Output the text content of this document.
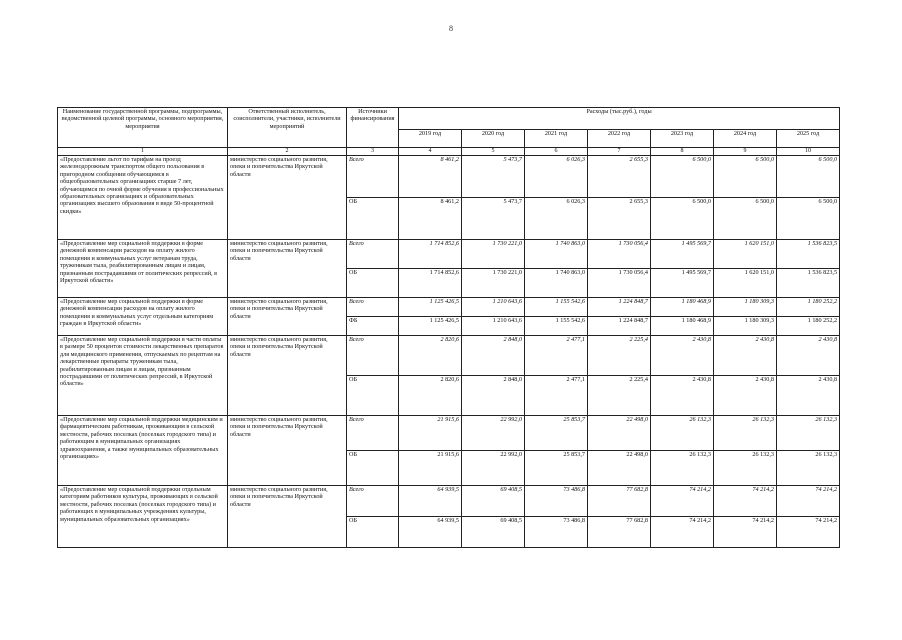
8
Наименование государственной программы, подпрограммы, ведомственной целевой программы, основного мероприятия, мероприятия	Ответственный исполнитель, соисполнители, участники, исполнители мероприятий	Источники финансирования	Расходы (тыс.руб.), годы						
			2019 год	2020 год	2021 год	2022 год	2023 год	2024 год	2025 год
1	2	3	4	5	6	7	8	9	10
«Предоставление льгот по тарифам на проезд железнодорожным транспортом общего пользования в пригородном сообщении обучающимся в общеобразовательных организациях старше 7 лет, обучающимся по очной форме обучения в профессиональных образовательных организациях и образовательных организациях высшего образования в виде 50-процентной скидки»	министерство социального развития, опеки и попечительства Иркутской области	Всего	8 461,2	5 473,7	6 026,3	2 655,3	6 500,0	6 500,0	6 500,0
		ОБ	8 461,2	5 473,7	6 026,3	2 655,3	6 500,0	6 500,0	6 500,0
«Предоставление мер социальной поддержки в форме денежной компенсации расходов на оплату жилого помещения и коммунальных услуг ветеранам труда, труженикам тыла, реабилитированным лицам и лицам, признанным пострадавшими от политических репрессий, в Иркутской области»	министерство социального развития, опеки и попечительства Иркутской области	Всего	1 714 852,6	1 730 221,0	1 740 863,0	1 730 056,4	1 495 569,7	1 620 151,0	1 536 823,5
		ОБ	1 714 852,6	1 730 221,0	1 740 863,0	1 730 056,4	1 495 569,7	1 620 151,0	1 536 823,5
«Предоставление мер социальной поддержки в форме денежной компенсации расходов на оплату жилого помещения и коммунальных услуг отдельным категориям граждан в Иркутской области»	министерство социального развития, опеки и попечительства Иркутской области	Всего	1 125 426,5	1 210 643,6	1 155 542,6	1 224 848,7	1 180 468,9	1 180 309,3	1 180 252,2
		ФБ	1 125 426,5	1 210 643,6	1 155 542,6	1 224 848,7	1 180 468,9	1 180 309,3	1 180 252,2
«Предоставление мер социальной поддержки в части оплаты в размере 50 процентов стоимости лекарственных препаратов для медицинского применения, отпускаемых по рецептам на лекарственные препараты труженикам тыла, реабилитированным лицам и лицам, признанным пострадавшими от политических репрессий, в Иркутской области»	министерство социального развития, опеки и попечительства Иркутской области	Всего	2 820,6	2 848,0	2 477,1	2 225,4	2 430,8	2 430,8	2 430,8
		ОБ	2 820,6	2 848,0	2 477,1	2 225,4	2 430,8	2 430,8	2 430,8
«Предоставление мер социальной поддержки медицинским и фармацевтическим работникам, проживающим в сельской местности, рабочих поселках (поселках городского типа) и работающим в муниципальных организациях здравоохранения, а также муниципальных образовательных организациях»	министерство социального развития, опеки и попечительства Иркутской области	Всего	21 915,6	22 992,0	25 853,7	22 498,0	26 132,3	26 132,3	26 132,3
		ОБ	21 915,6	22 992,0	25 853,7	22 498,0	26 132,3	26 132,3	26 132,3
«Предоставление мер социальной поддержки отдельным категориям работников культуры, проживающих в сельской местности, рабочих поселках (поселках городского типа) и работающих в муниципальных учреждениях культуры, муниципальных образовательных организациях»	министерство социального развития, опеки и попечительства Иркутской области	Всего	64 939,5	69 408,5	73 486,8	77 682,8	74 214,2	74 214,2	74 214,2
		ОБ	64 939,5	69 408,5	73 486,8	77 682,8	74 214,2	74 214,2	74 214,2
